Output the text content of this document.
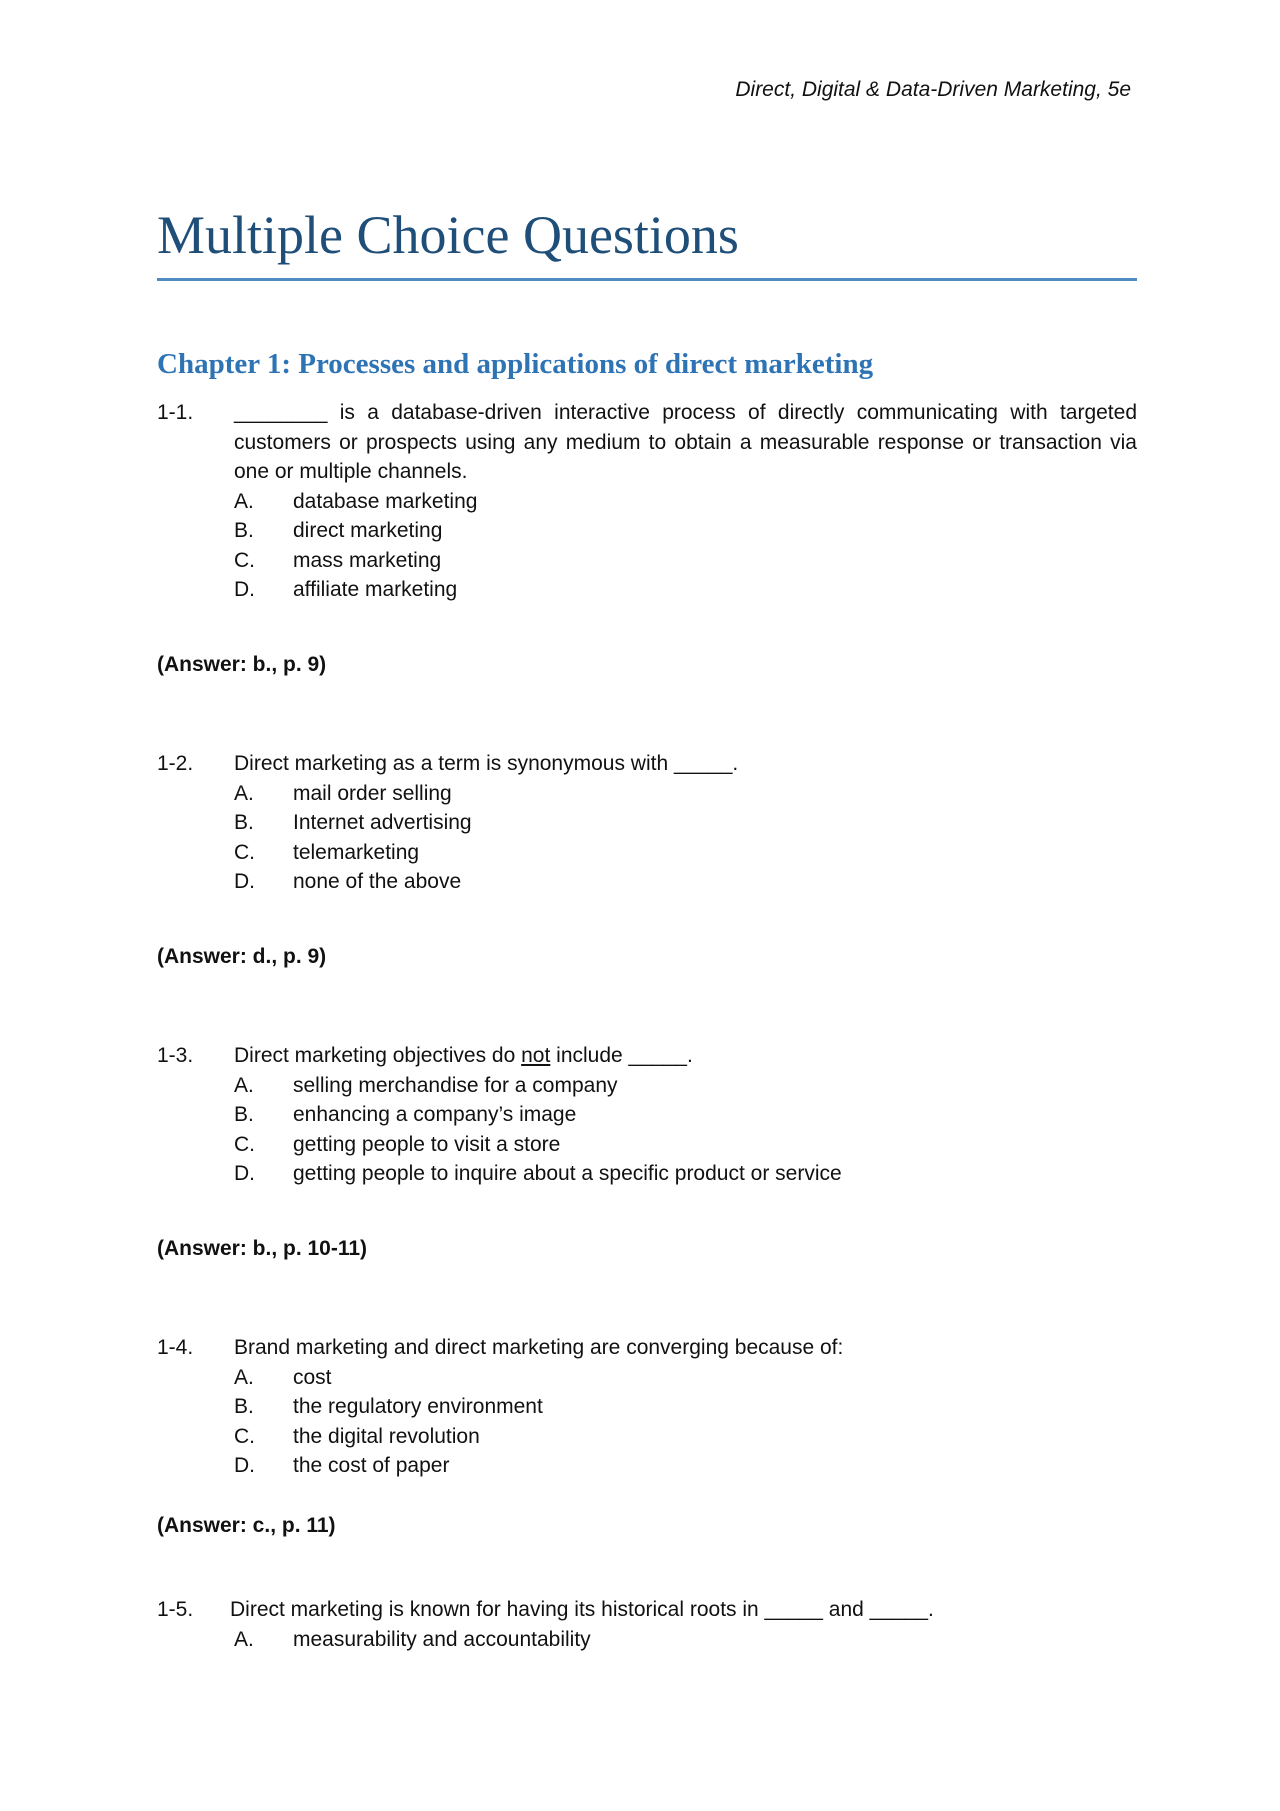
Direct, Digital & Data-Driven Marketing, 5e
Multiple Choice Questions
Chapter 1: Processes and applications of direct marketing
1-1. ________ is a database-driven interactive process of directly communicating with targeted customers or prospects using any medium to obtain a measurable response or transaction via one or multiple channels.
A. database marketing
B. direct marketing
C. mass marketing
D. affiliate marketing
(Answer: b., p. 9)
1-2. Direct marketing as a term is synonymous with _____.
A. mail order selling
B. Internet advertising
C. telemarketing
D. none of the above
(Answer: d., p. 9)
1-3. Direct marketing objectives do not include _____.
A. selling merchandise for a company
B. enhancing a company’s image
C. getting people to visit a store
D. getting people to inquire about a specific product or service
(Answer: b., p. 10-11)
1-4. Brand marketing and direct marketing are converging because of:
A. cost
B. the regulatory environment
C. the digital revolution
D. the cost of paper
(Answer: c., p. 11)
1-5. Direct marketing is known for having its historical roots in _____ and _____.
A. measurability and accountability
